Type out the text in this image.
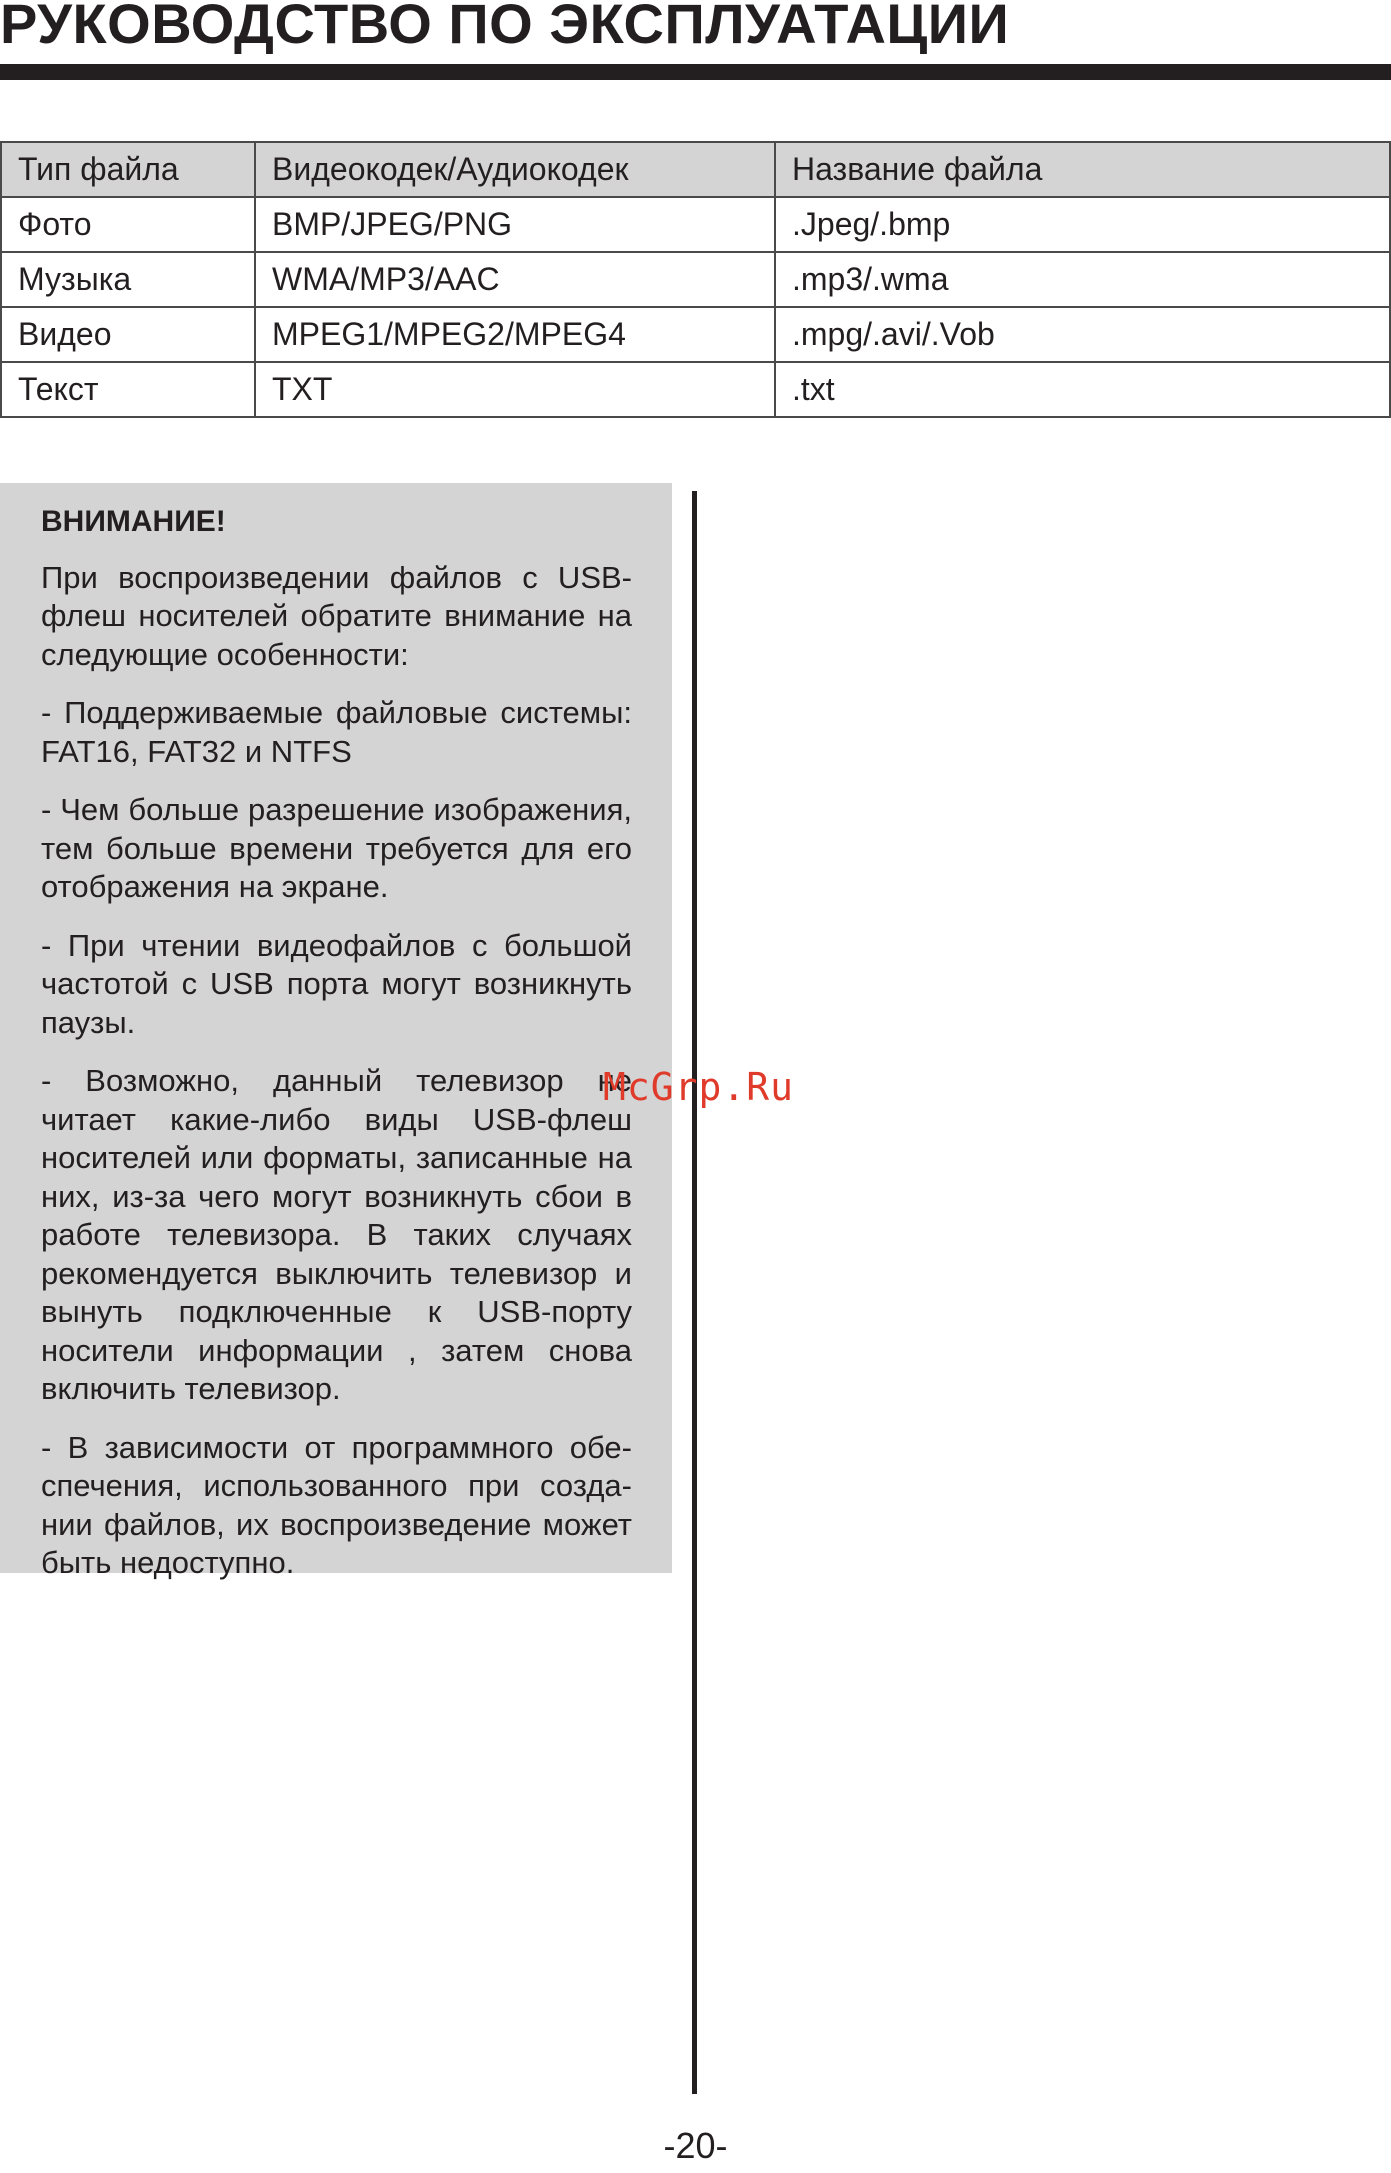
РУКОВОДСТВО ПО ЭКСПЛУАТАЦИИ
Тип файла	Видеокодек/Аудиокодек	Название файла
Фото	BMP/JPEG/PNG	.Jpeg/.bmp
Музыка	WMA/MP3/AAC	.mp3/.wma
Видео	MPEG1/MPEG2/MPEG4	.mpg/.avi/.Vob
Текст	TXT	.txt

ВНИМАНИЕ!

При воспроизведении файлов с USB-флеш носителей обратите внимание на следующие особенности:

- Поддерживаемые файловые системы: FAT16, FAT32 и NTFS

- Чем больше разрешение изображения, тем больше времени требуется для его отображения на экране.

- При чтении видеофайлов с большой частотой с USB порта могут возникнуть паузы.

- Возможно, данный телевизор не читает какие-либо виды USB-флеш носителей или форматы, записанные на них, из-за чего могут возникнуть сбои в работе телевизора. В таких случаях рекомендуется выключить телевизор и вынуть подключенные к USB-порту носители информации , затем снова включить телевизор.

- В зависимости от программного обеспечения, использованного при создании файлов, их воспроизведение может быть недоступно.

McGrp.Ru
-20-
